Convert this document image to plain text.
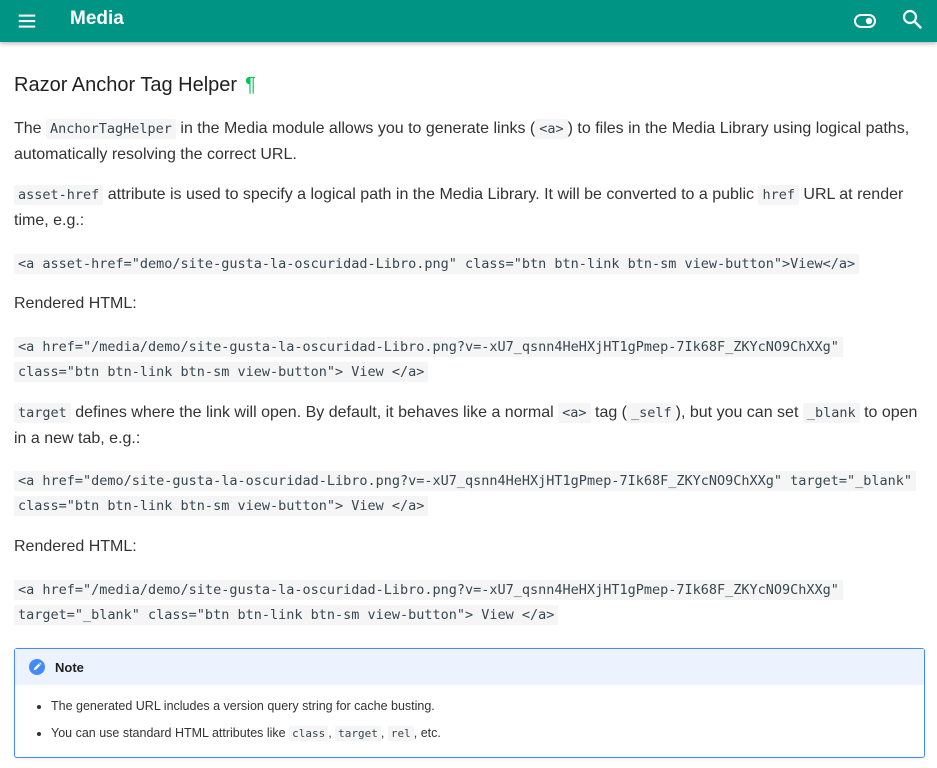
Media
Razor Anchor Tag Helper ¶

The AnchorTagHelper in the Media module allows you to generate links ( <a> ) to files in the Media Library using logical paths, automatically resolving the correct URL.

asset-href attribute is used to specify a logical path in the Media Library. It will be converted to a public href URL at render time, e.g.:

<a asset-href="demo/site-gusta-la-oscuridad-Libro.png" class="btn btn-link btn-sm view-button">View</a>

Rendered HTML:

<a href="/media/demo/site-gusta-la-oscuridad-Libro.png?v=-xU7_qsnn4HeHXjHT1gPmep-7Ik68F_ZKYcNO9ChXXg"
class="btn btn-link btn-sm view-button"> View </a>

target defines where the link will open. By default, it behaves like a normal <a> tag ( _self ), but you can set _blank to open in a new tab, e.g.:

<a href="demo/site-gusta-la-oscuridad-Libro.png?v=-xU7_qsnn4HeHXjHT1gPmep-7Ik68F_ZKYcNO9ChXXg" target="_blank"
class="btn btn-link btn-sm view-button"> View </a>

Rendered HTML:

<a href="/media/demo/site-gusta-la-oscuridad-Libro.png?v=-xU7_qsnn4HeHXjHT1gPmep-7Ik68F_ZKYcNO9ChXXg"
target="_blank" class="btn btn-link btn-sm view-button"> View </a>
Note
• The generated URL includes a version query string for cache busting.
• You can use standard HTML attributes like class , target , rel , etc.
